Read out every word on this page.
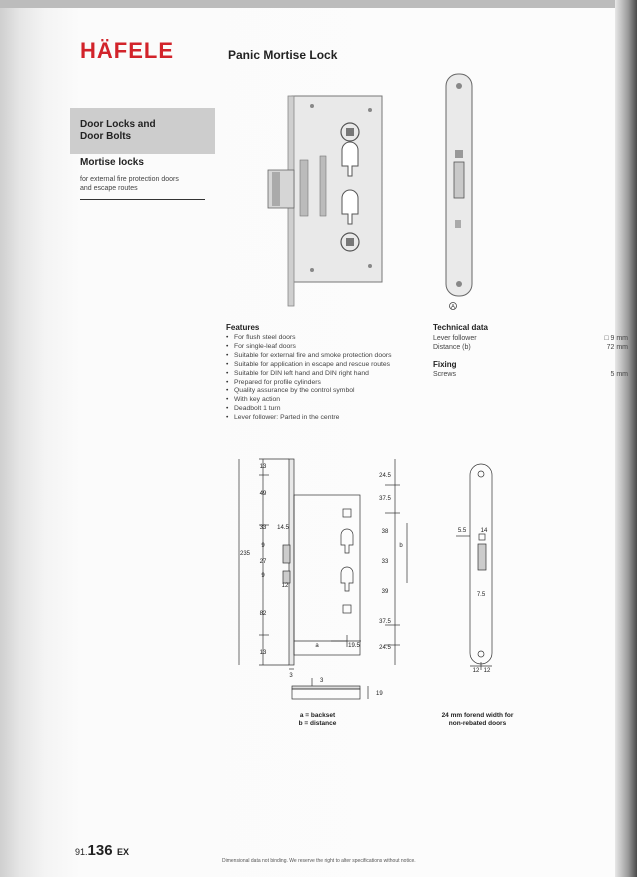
HÄFELE	Panic Mortise Lock
Door Locks and
Door Bolts
Mortise locks
for external fire protection doors
and escape routes
A
Features
• For flush steel doors
• For single-leaf doors
• Suitable for external fire and smoke protection doors
• Suitable for application in escape and rescue routes
• Suitable for DIN left hand and DIN right hand
• Prepared for profile cylinders
• Quality assurance by the control symbol
• With key action
• Deadbolt 1 turn
• Lever follower: Parted in the centre
Technical data
Lever follower	□ 9 mm
Distance (b)	72 mm
Fixing
Screws	5 mm
13
49
33 14.5
9
27
235
9
12
82
13
3
24.5
37.5
38
b
33
39
37.5
24.5
a	19.5
3
19
a = backset
b = distance
5.5 14
7.5
12 12
24 mm forend width for
non-rebated doors
91.136 EX
Dimensional data not binding. We reserve the right to alter specifications without notice.
